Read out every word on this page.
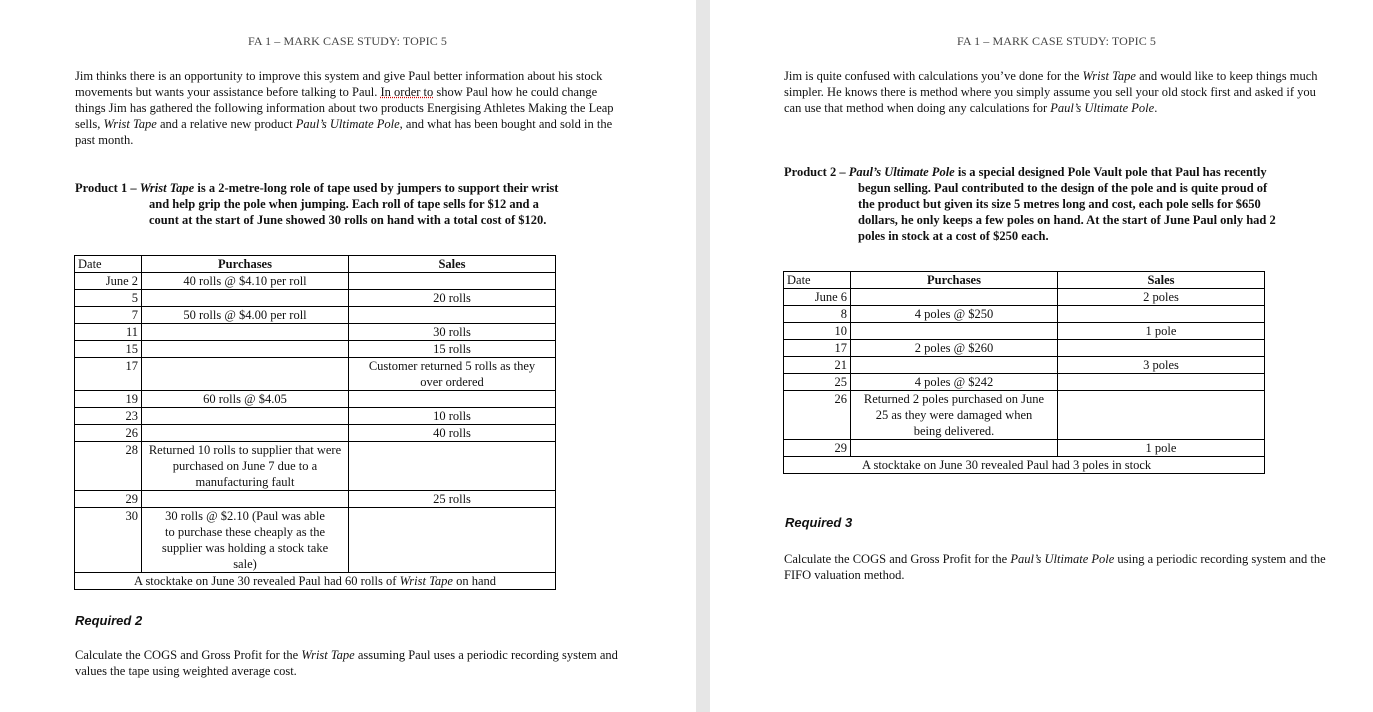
FA 1 – MARK CASE STUDY: TOPIC 5

Jim thinks there is an opportunity to improve this system and give Paul better information about his stock movements but wants your assistance before talking to Paul. In order to show Paul how he could change things Jim has gathered the following information about two products Energising Athletes Making the Leap sells, Wrist Tape and a relative new product Paul’s Ultimate Pole, and what has been bought and sold in the past month.

Product 1 – Wrist Tape is a 2-metre-long role of tape used by jumpers to support their wrist
and help grip the pole when jumping. Each roll of tape sells for $12 and a
count at the start of June showed 30 rolls on hand with a total cost of $120.

Date	Purchases	Sales
June 2	40 rolls @ $4.10 per roll	
5		20 rolls
7	50 rolls @ $4.00 per roll	
11		30 rolls
15		15 rolls
17		Customer returned 5 rolls as they over ordered
19	60 rolls @ $4.05	
23		10 rolls
26		40 rolls
28	Returned 10 rolls to supplier that were purchased on June 7 due to a manufacturing fault	
29		25 rolls
30	30 rolls @ $2.10 (Paul was able to purchase these cheaply as the supplier was holding a stock take sale)	
A stocktake on June 30 revealed Paul had 60 rolls of Wrist Tape on hand		
Required 2

Calculate the COGS and Gross Profit for the Wrist Tape assuming Paul uses a periodic recording system and values the tape using weighted average cost.

FA 1 – MARK CASE STUDY: TOPIC 5

Jim is quite confused with calculations you’ve done for the Wrist Tape and would like to keep things much simpler. He knows there is method where you simply assume you sell your old stock first and asked if you can use that method when doing any calculations for Paul’s Ultimate Pole.

Product 2 – Paul’s Ultimate Pole is a special designed Pole Vault pole that Paul has recently
begun selling. Paul contributed to the design of the pole and is quite proud of
the product but given its size 5 metres long and cost, each pole sells for $650
dollars, he only keeps a few poles on hand. At the start of June Paul only had 2
poles in stock at a cost of $250 each.

Date	Purchases	Sales
June 6		2 poles
8	4 poles @ $250	
10		1 pole
17	2 poles @ $260	
21		3 poles
25	4 poles @ $242	
26	Returned 2 poles purchased on June 25 as they were damaged when being delivered.	
29		1 pole
A stocktake on June 30 revealed Paul had 3 poles in stock		
Required 3

Calculate the COGS and Gross Profit for the Paul’s Ultimate Pole using a periodic recording system and the FIFO valuation method.
